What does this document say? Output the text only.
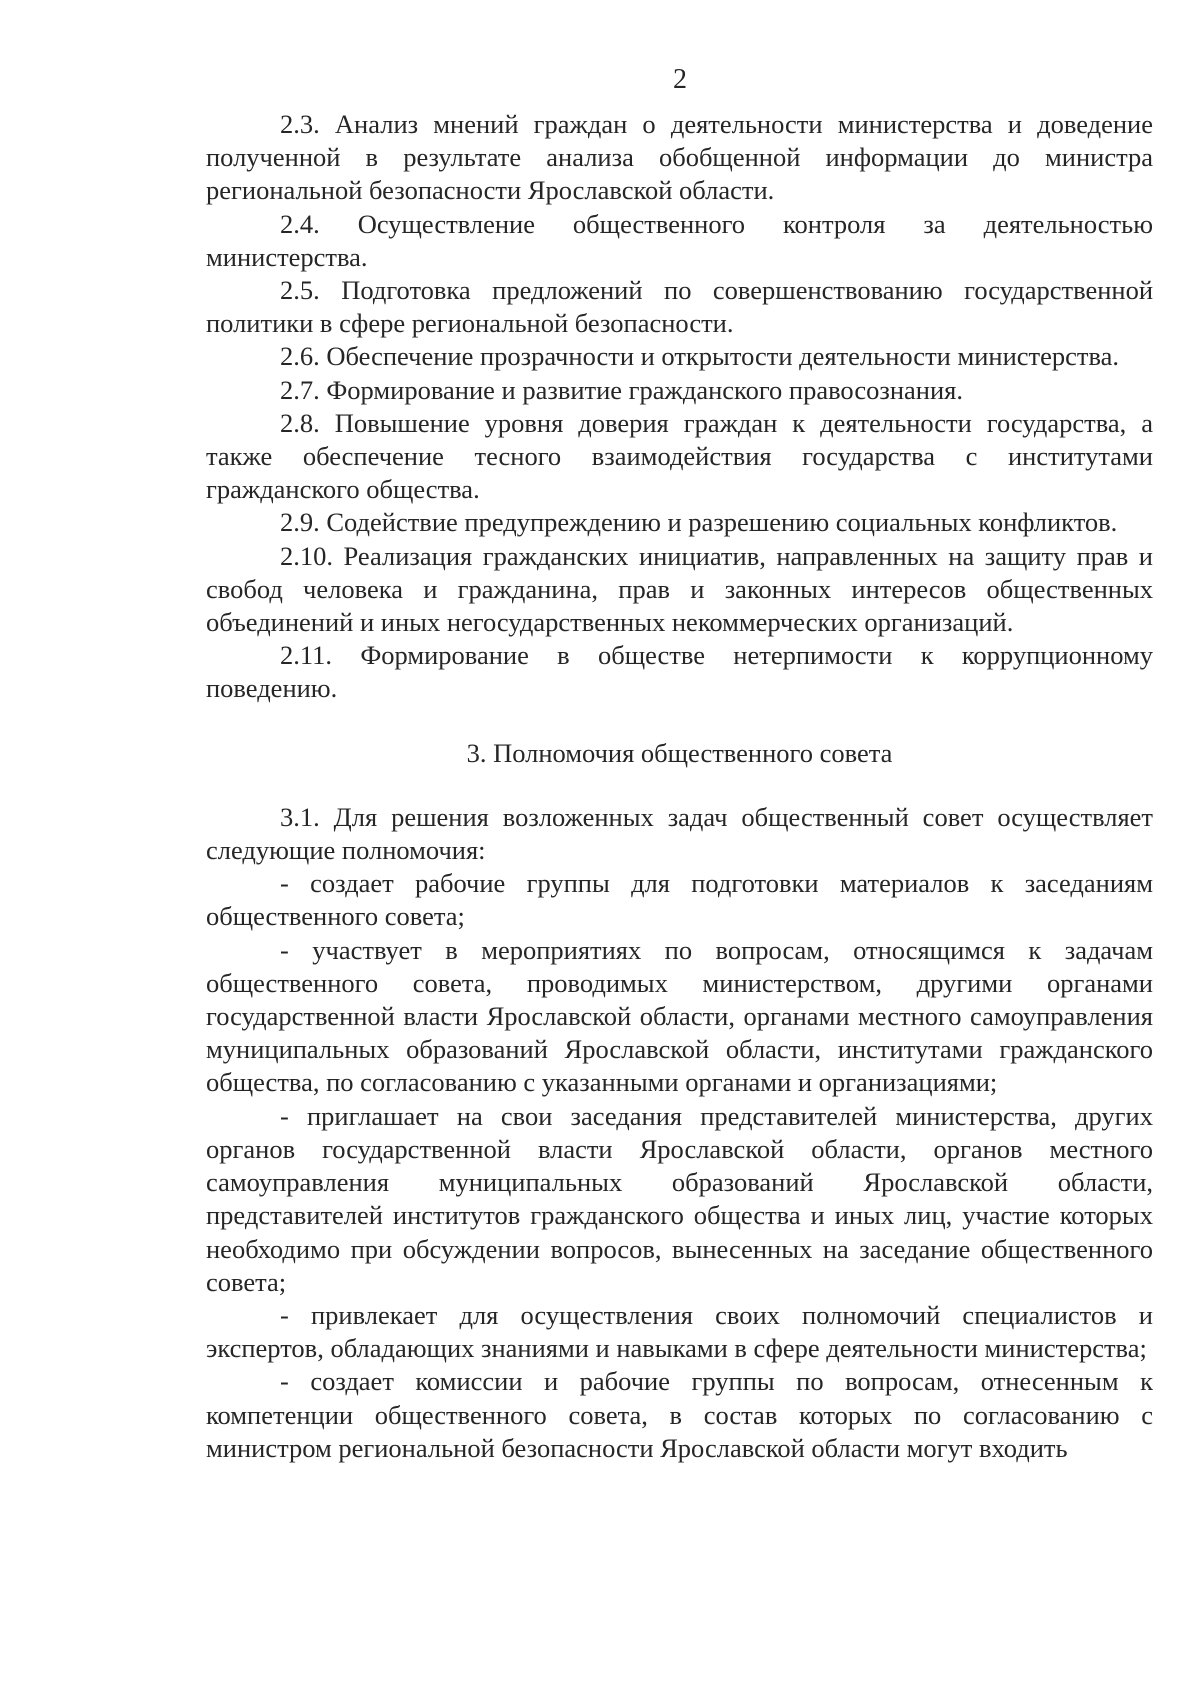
2

2.3. Анализ мнений граждан о деятельности министерства и доведение полученной в результате анализа обобщенной информации до министра региональной безопасности Ярославской области.

2.4. Осуществление общественного контроля за деятельностью министерства.

2.5. Подготовка предложений по совершенствованию государственной политики в сфере региональной безопасности.

2.6. Обеспечение прозрачности и открытости деятельности министерства.

2.7. Формирование и развитие гражданского правосознания.

2.8. Повышение уровня доверия граждан к деятельности государства, а также обеспечение тесного взаимодействия государства с институтами гражданского общества.

2.9. Содействие предупреждению и разрешению социальных конфликтов.

2.10. Реализация гражданских инициатив, направленных на защиту прав и свобод человека и гражданина, прав и законных интересов общественных объединений и иных негосударственных некоммерческих организаций.

2.11. Формирование в обществе нетерпимости к коррупционному поведению.

3. Полномочия общественного совета

3.1. Для решения возложенных задач общественный совет осуществляет следующие полномочия:

- создает рабочие группы для подготовки материалов к заседаниям общественного совета;

- участвует в мероприятиях по вопросам, относящимся к задачам общественного совета, проводимых министерством, другими органами государственной власти Ярославской области, органами местного самоуправления муниципальных образований Ярославской области, институтами гражданского общества, по согласованию с указанными органами и организациями;

- приглашает на свои заседания представителей министерства, других органов государственной власти Ярославской области, органов местного самоуправления муниципальных образований Ярославской области, представителей институтов гражданского общества и иных лиц, участие которых необходимо при обсуждении вопросов, вынесенных на заседание общественного совета;

- привлекает для осуществления своих полномочий специалистов и экспертов, обладающих знаниями и навыками в сфере деятельности министерства;

- создает комиссии и рабочие группы по вопросам, отнесенным к компетенции общественного совета, в состав которых по согласованию с министром региональной безопасности Ярославской области могут входить
